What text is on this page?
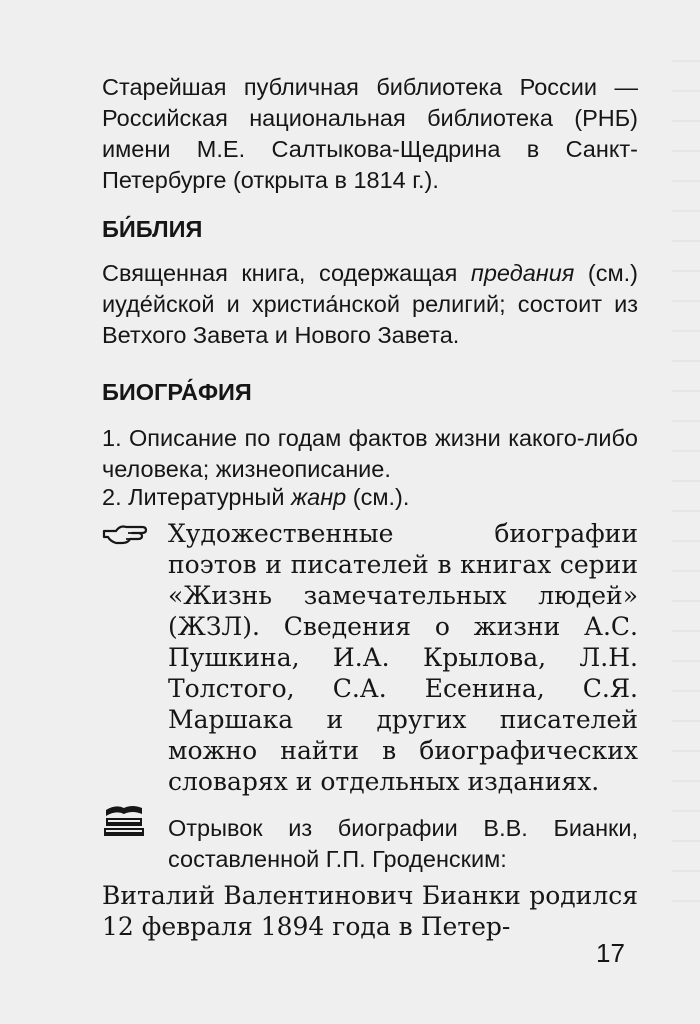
Старейшая публичная библиотека России — Российская национальная библиотека (РНБ) имени М.Е. Салтыкова-Щедрина в Санкт-Петербурге (открыта в 1814 г.).

БИ́БЛИЯ

Священная книга, содержащая предания (см.) иуде́йской и христиа́нской религий; состоит из Ветхого Завета и Нового Завета.

БИОГРА́ФИЯ

1. Описание по годам фактов жизни какого-либо человека; жизнеописание.

2. Литературный жанр (см.).

Художественные биографии поэтов и писателей в книгах серии «Жизнь замечательных людей» (ЖЗЛ). Сведения о жизни А.С. Пушкина, И.А. Крылова, Л.Н. Толстого, С.А. Есенина, С.Я. Маршака и других писателей можно найти в биографических словарях и отдельных изданиях.

Отрывок из биографии В.В. Бианки, составленной Г.П. Гроденским:

Виталий Валентинович Бианки родился 12 февраля 1894 года в Петер-

17
